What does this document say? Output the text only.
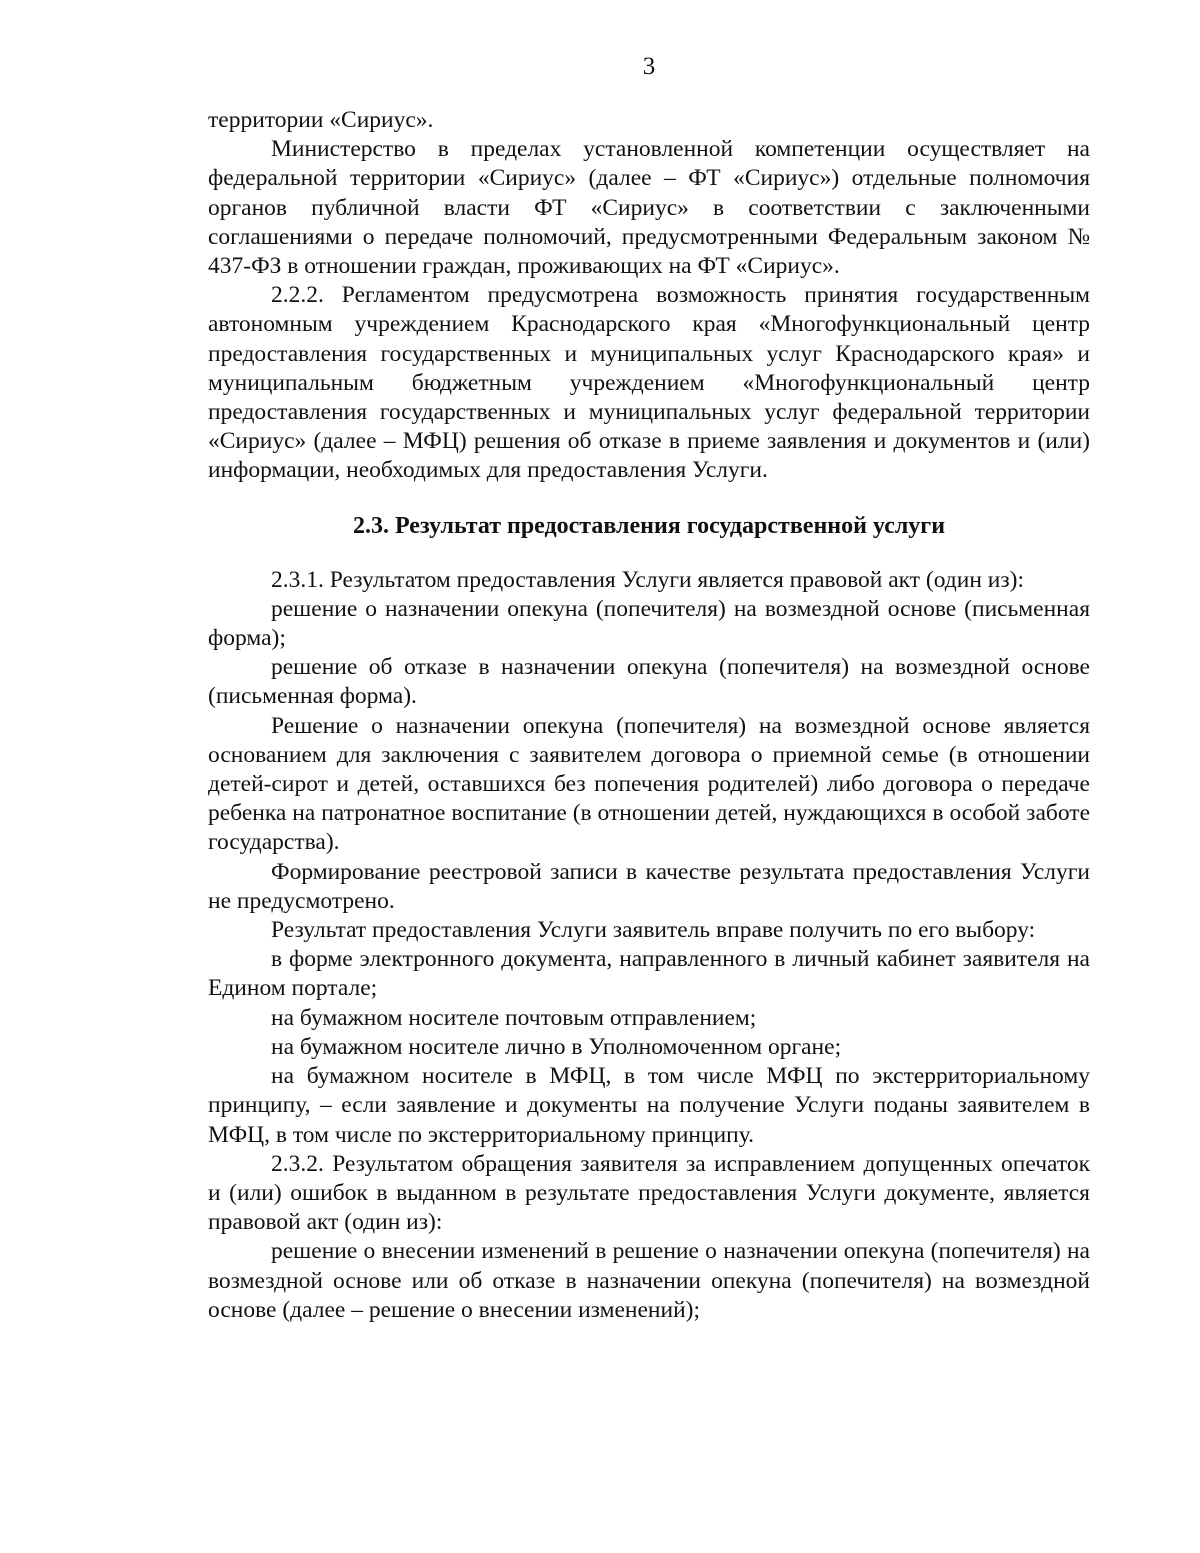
3

территории «Сириус».

Министерство в пределах установленной компетенции осуществляет на федеральной территории «Сириус» (далее – ФТ «Сириус») отдельные полномочия органов публичной власти ФТ «Сириус» в соответствии с заключенными соглашениями о передаче полномочий, предусмотренными Федеральным законом № 437-ФЗ в отношении граждан, проживающих на ФТ «Сириус».

2.2.2. Регламентом предусмотрена возможность принятия государственным автономным учреждением Краснодарского края «Многофункциональный центр предоставления государственных и муниципальных услуг Краснодарского края» и муниципальным бюджетным учреждением «Многофункциональный центр предоставления государственных и муниципальных услуг федеральной территории «Сириус» (далее – МФЦ) решения об отказе в приеме заявления и документов и (или) информации, необходимых для предоставления Услуги.

2.3. Результат предоставления государственной услуги

2.3.1. Результатом предоставления Услуги является правовой акт (один из):

решение о назначении опекуна (попечителя) на возмездной основе (письменная форма);

решение об отказе в назначении опекуна (попечителя) на возмездной основе (письменная форма).

Решение о назначении опекуна (попечителя) на возмездной основе является основанием для заключения с заявителем договора о приемной семье (в отношении детей-сирот и детей, оставшихся без попечения родителей) либо договора о передаче ребенка на патронатное воспитание (в отношении детей, нуждающихся в особой заботе государства).

Формирование реестровой записи в качестве результата предоставления Услуги не предусмотрено.

Результат предоставления Услуги заявитель вправе получить по его выбору:

в форме электронного документа, направленного в личный кабинет заявителя на Едином портале;

на бумажном носителе почтовым отправлением;

на бумажном носителе лично в Уполномоченном органе;

на бумажном носителе в МФЦ, в том числе МФЦ по экстерриториальному принципу, – если заявление и документы на получение Услуги поданы заявителем в МФЦ, в том числе по экстерриториальному принципу.

2.3.2. Результатом обращения заявителя за исправлением допущенных опечаток и (или) ошибок в выданном в результате предоставления Услуги документе, является правовой акт (один из):

решение о внесении изменений в решение о назначении опекуна (попечителя) на возмездной основе или об отказе в назначении опекуна (попечителя) на возмездной основе (далее – решение о внесении изменений);
